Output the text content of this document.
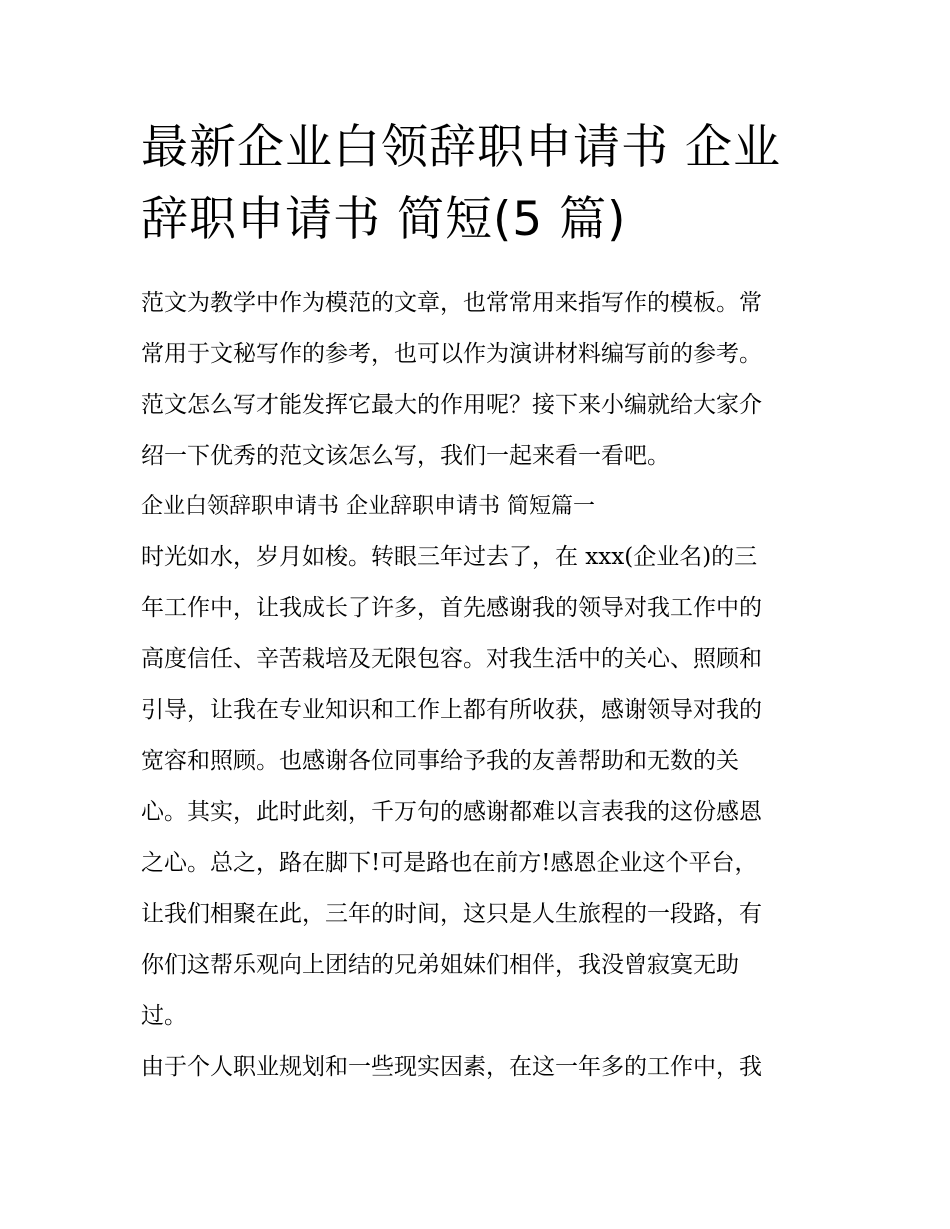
最新企业白领辞职申请书 企业
辞职申请书 简短(5 篇)
范文为教学中作为模范的文章，也常常用来指写作的模板。常
常用于文秘写作的参考，也可以作为演讲材料编写前的参考。
范文怎么写才能发挥它最大的作用呢？接下来小编就给大家介
绍一下优秀的范文该怎么写，我们一起来看一看吧。
企业白领辞职申请书 企业辞职申请书 简短篇一
时光如水，岁月如梭。转眼三年过去了，在 xxx(企业名)的三
年工作中，让我成长了许多，首先感谢我的领导对我工作中的
高度信任、辛苦栽培及无限包容。对我生活中的关心、照顾和
引导，让我在专业知识和工作上都有所收获，感谢领导对我的
宽容和照顾。也感谢各位同事给予我的友善帮助和无数的关
心。其实，此时此刻，千万句的感谢都难以言表我的这份感恩
之心。总之，路在脚下!可是路也在前方!感恩企业这个平台，
让我们相聚在此，三年的时间，这只是人生旅程的一段路，有
你们这帮乐观向上团结的兄弟姐妹们相伴，我没曾寂寞无助
过。
由于个人职业规划和一些现实因素，在这一年多的工作中，我
